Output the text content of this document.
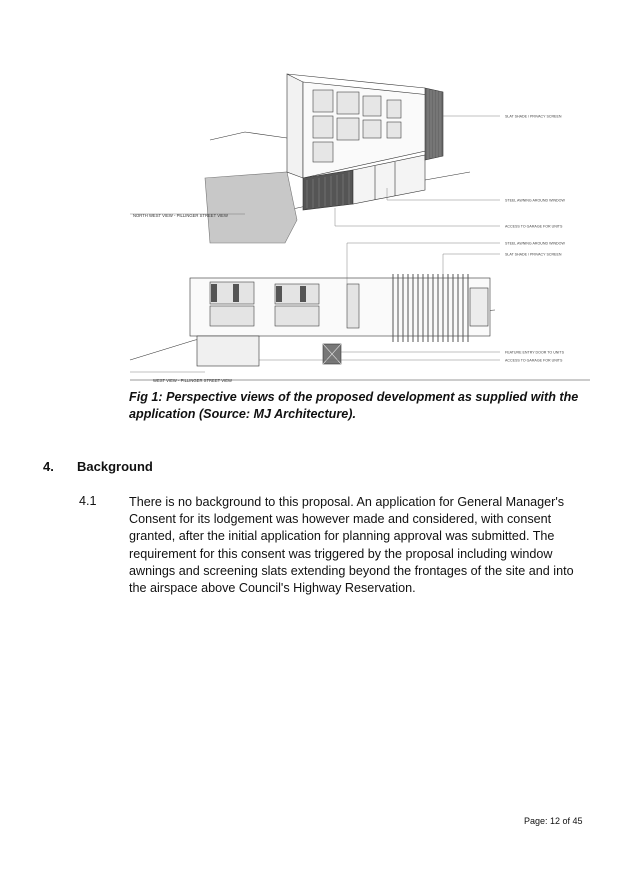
SLAT SHADE / PRIVACY SCREEN
STEEL AWNING AROUND WINDOW
ACCESS TO GARAGE FOR UNITS
NORTH WEST VIEW - PILLINGER STREET VIEW
STEEL AWNING AROUND WINDOW
SLAT SHADE / PRIVACY SCREEN
FEATURE ENTRY DOOR TO UNITS
ACCESS TO GARAGE FOR UNITS
WEST VIEW - PILLINGER STREET VIEW
Fig 1: Perspective views of the proposed development as supplied with the application (Source: MJ Architecture).
4. Background
4.1	There is no background to this proposal. An application for General Manager's Consent for its lodgement was however made and considered, with consent granted, after the initial application for planning approval was submitted. The requirement for this consent was triggered by the proposal including window awnings and screening slats extending beyond the frontages of the site and into the airspace above Council's Highway Reservation.
Page: 12 of 45
